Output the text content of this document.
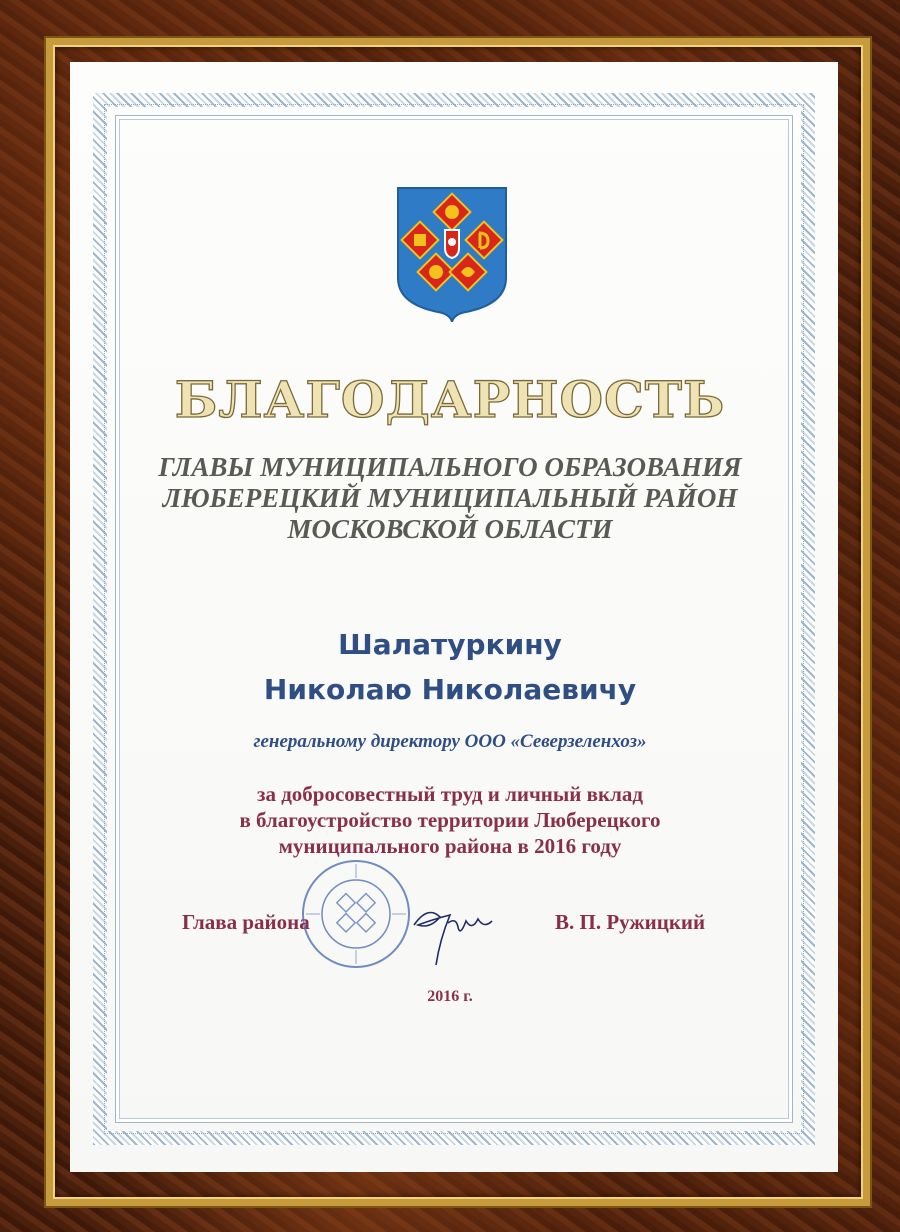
БЛАГОДАРНОСТЬ
ГЛАВЫ МУНИЦИПАЛЬНОГО ОБРАЗОВАНИЯ
ЛЮБЕРЕЦКИЙ МУНИЦИПАЛЬНЫЙ РАЙОН
МОСКОВСКОЙ ОБЛАСТИ
Шалатуркину
Николаю Николаевичу
генеральному директору ООО «Северзеленхоз»
за добросовестный труд и личный вклад
в благоустройство территории Люберецкого
муниципального района в 2016 году
Глава района	В. П. Ружицкий
2016 г.
